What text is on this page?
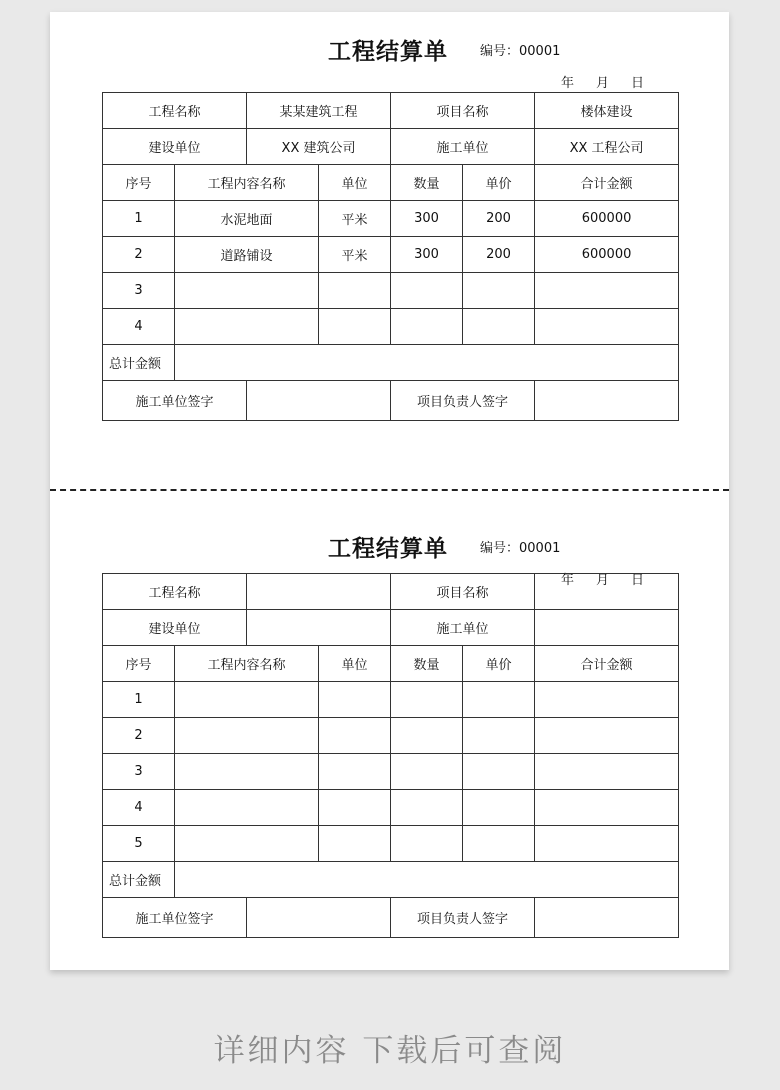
工程结算单 编号：00001
年 月 日
工程名称		某某建筑工程		项目名称		楼体建设
建设单位		XX 建筑公司		施工单位		XX 工程公司
序号	工程内容名称		单位	数量	单价	合计金额
1	水泥地面		平米	300	200	600000
2	道路铺设		平米	300	200	600000
3						
4						
总计金额						
施工单位签字				项目负责人签字		
工程结算单 编号：00001
年 月 日
工程名称				项目名称		
建设单位				施工单位		
序号	工程内容名称		单位	数量	单价	合计金额
1						
2						
3						
4						
5						
总计金额						
施工单位签字				项目负责人签字		
详细内容 下载后可查阅
